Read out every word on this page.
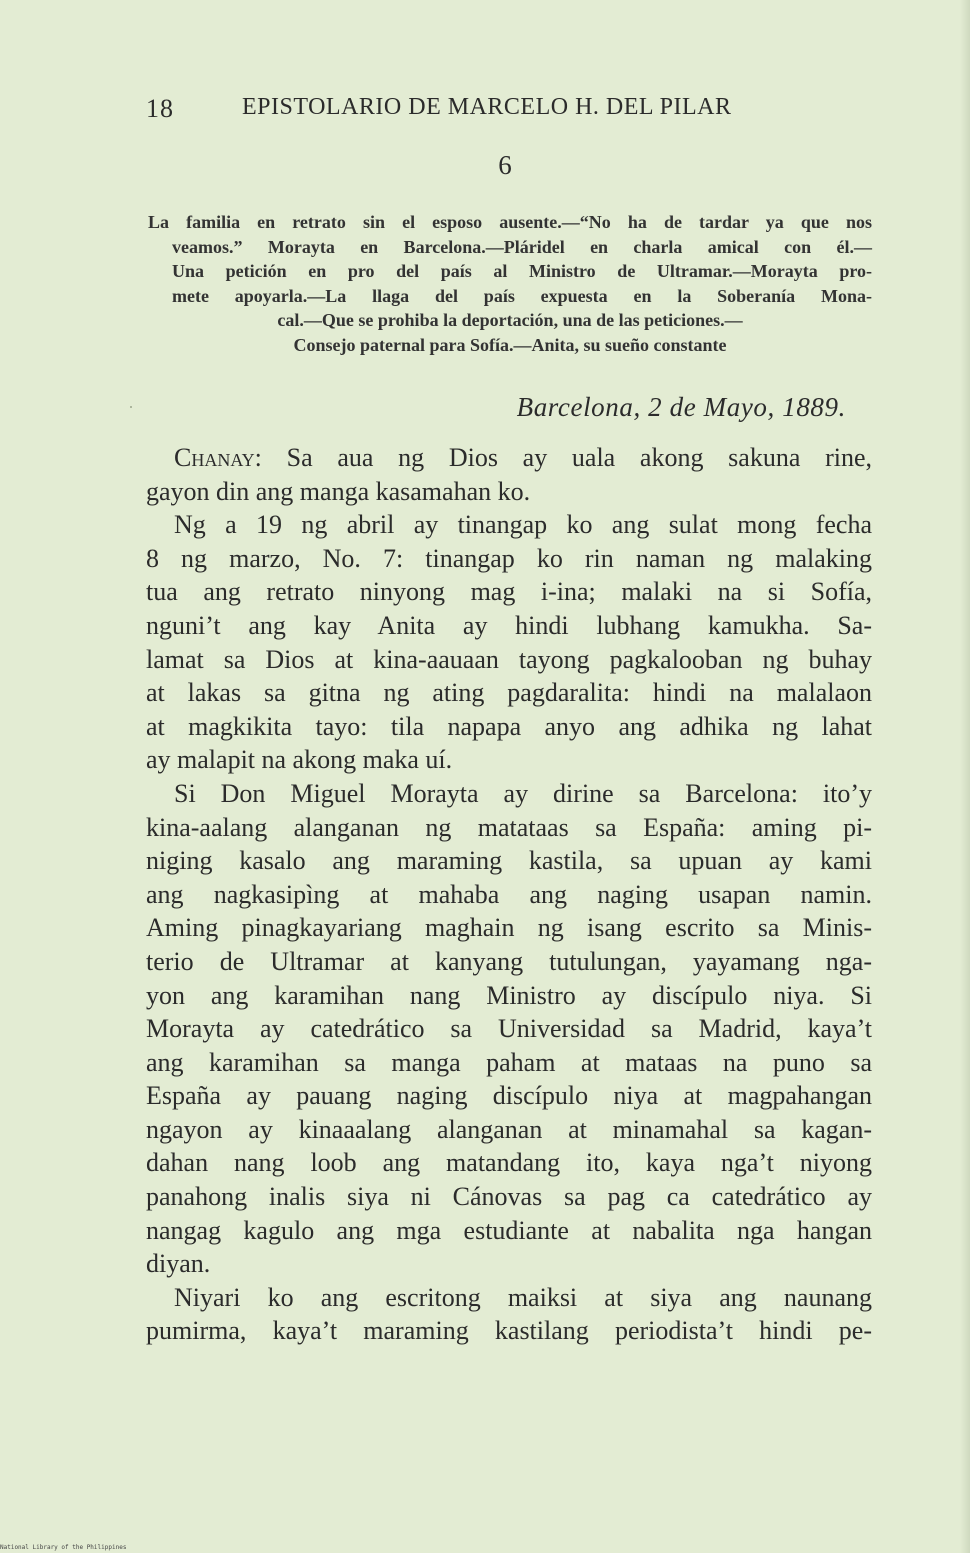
18	EPISTOLARIO DE MARCELO H. DEL PILAR
6
La familia en retrato sin el esposo ausente.—“No ha de tardar ya que nos
veamos.” Morayta en Barcelona.—Pláridel en charla amical con él.—
Una petición en pro del país al Ministro de Ultramar.—Morayta pro-
mete apoyarla.—La llaga del país expuesta en la Soberanía Mona-
cal.—Que se prohiba la deportación, una de las peticiones.—
Consejo paternal para Sofía.—Anita, su sueño constante
Barcelona, 2 de Mayo, 1889.
Chanay: Sa aua ng Dios ay uala akong sakuna rine,
gayon din ang manga kasamahan ko.
Ng a 19 ng abril ay tinangap ko ang sulat mong fecha
8 ng marzo, No. 7: tinangap ko rin naman ng malaking
tua ang retrato ninyong mag i-ina; malaki na si Sofía,
nguni’t ang kay Anita ay hindi lubhang kamukha. Sa-
lamat sa Dios at kina-aauaan tayong pagkalooban ng buhay
at lakas sa gitna ng ating pagdaralita: hindi na malalaon
at magkikita tayo: tila napapa anyo ang adhika ng lahat
ay malapit na akong maka uí.
Si Don Miguel Morayta ay dirine sa Barcelona: ito’y
kina-aalang alanganan ng matataas sa España: aming pi-
niging kasalo ang maraming kastila, sa upuan ay kami
ang nagkasipìng at mahaba ang naging usapan namin.
Aming pinagkayariang maghain ng isang escrito sa Minis-
terio de Ultramar at kanyang tutulungan, yayamang nga-
yon ang karamihan nang Ministro ay discípulo niya. Si
Morayta ay catedrático sa Universidad sa Madrid, kaya’t
ang karamihan sa manga paham at mataas na puno sa
España ay pauang naging discípulo niya at magpahangan
ngayon ay kinaaalang alanganan at minamahal sa kagan-
dahan nang loob ang matandang ito, kaya nga’t niyong
panahong inalis siya ni Cánovas sa pag ca catedrático ay
nangag kagulo ang mga estudiante at nabalita nga hangan
diyan.
Niyari ko ang escritong maiksi at siya ang naunang
pumirma, kaya’t maraming kastilang periodista’t hindi pe-
National Library of the Philippines
